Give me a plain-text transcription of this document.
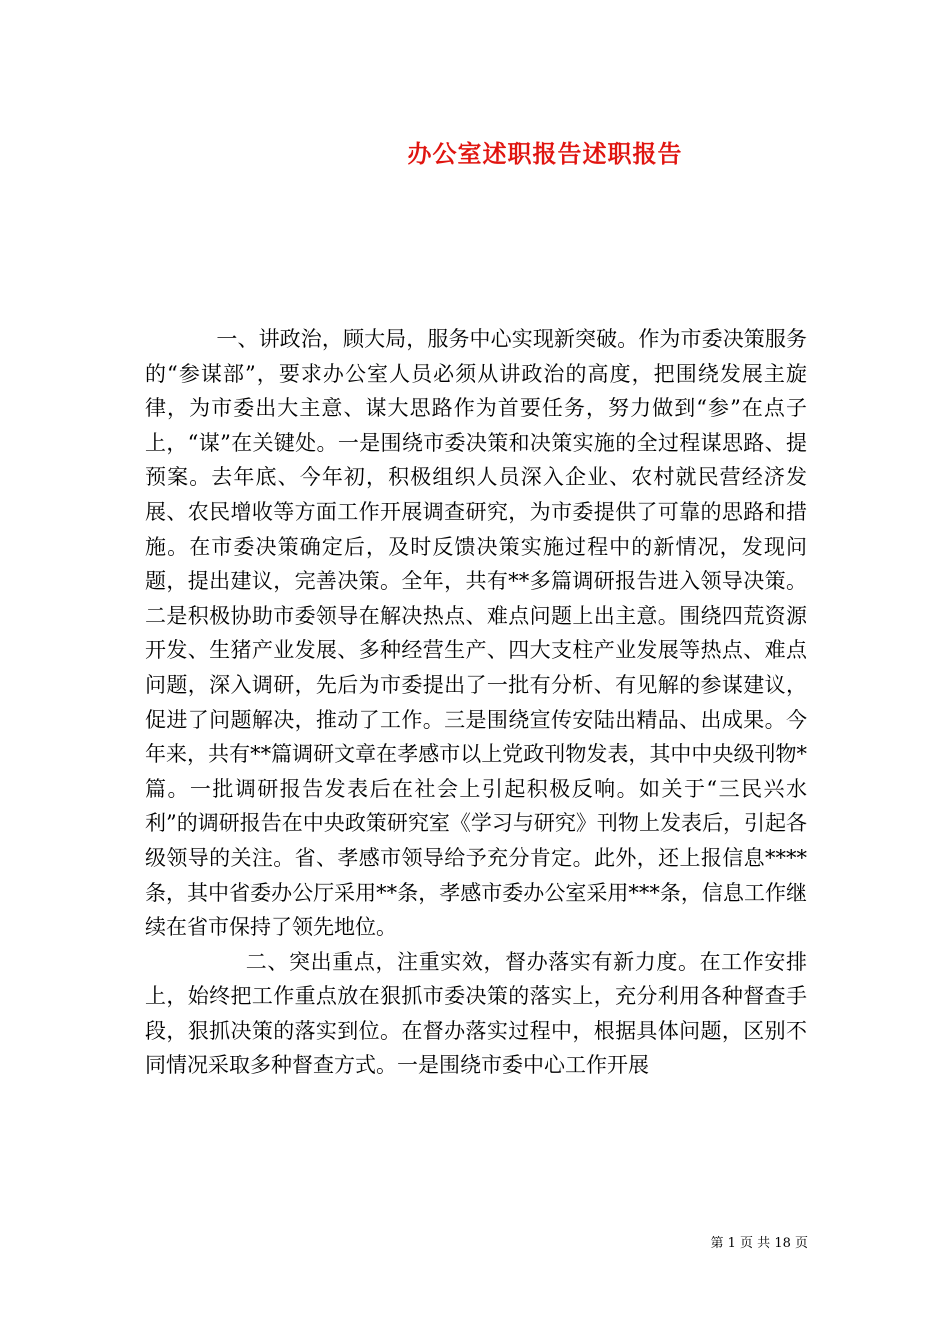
办公室述职报告述职报告

一、讲政治，顾大局，服务中心实现新突破。作为市委决策服务的“参谋部”，要求办公室人员必须从讲政治的高度，把围绕发展主旋律，为市委出大主意、谋大思路作为首要任务，努力做到“参”在点子上，“谋”在关键处。一是围绕市委决策和决策实施的全过程谋思路、提预案。去年底、今年初，积极组织人员深入企业、农村就民营经济发展、农民增收等方面工作开展调查研究，为市委提供了可靠的思路和措施。在市委决策确定后，及时反馈决策实施过程中的新情况，发现问题，提出建议，完善决策。全年，共有**多篇调研报告进入领导决策。二是积极协助市委领导在解决热点、难点问题上出主意。围绕四荒资源开发、生猪产业发展、多种经营生产、四大支柱产业发展等热点、难点问题，深入调研，先后为市委提出了一批有分析、有见解的参谋建议，促进了问题解决，推动了工作。三是围绕宣传安陆出精品、出成果。今年来，共有**篇调研文章在孝感市以上党政刊物发表，其中中央级刊物*篇。一批调研报告发表后在社会上引起积极反响。如关于“三民兴水利”的调研报告在中央政策研究室《学习与研究》刊物上发表后，引起各级领导的关注。省、孝感市领导给予充分肯定。此外，还上报信息****条，其中省委办公厅采用**条，孝感市委办公室采用***条，信息工作继续在省市保持了领先地位。

二、突出重点，注重实效，督办落实有新力度。在工作安排上，始终把工作重点放在狠抓市委决策的落实上，充分利用各种督查手段，狠抓决策的落实到位。在督办落实过程中，根据具体问题，区别不同情况采取多种督查方式。一是围绕市委中心工作开展

第 1 页 共 18 页
